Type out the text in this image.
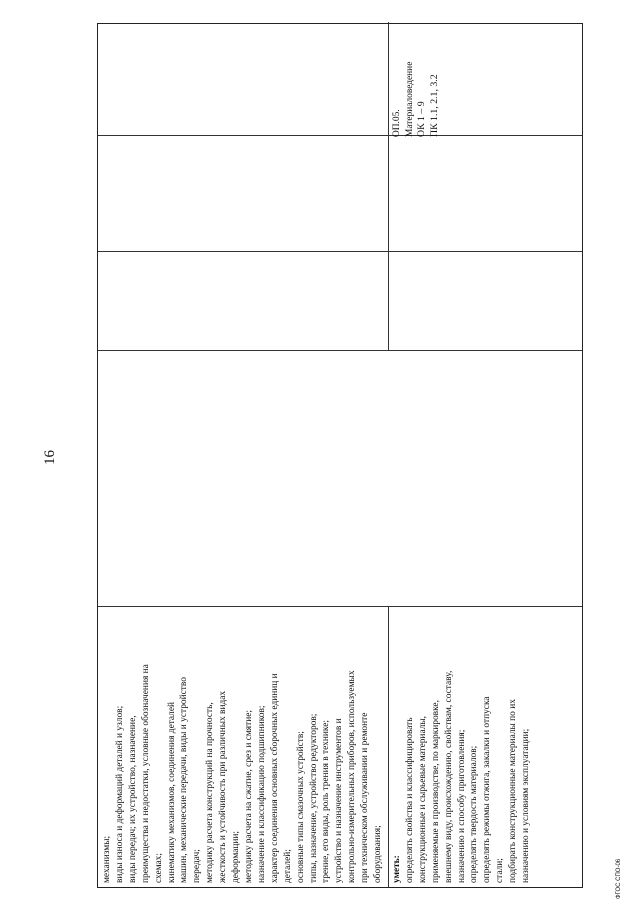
16

механизмы; виды износа и деформаций деталей и узлов; виды передач; их устройство, назначение, преимущества и недостатки, условные обозначения на схемах; кинематику механизмов, соединения деталей машин, механические передачи, виды и устройство передач; методику расчета конструкций на прочность, жесткость и устойчивость при различных видах деформации; методику расчета на сжатие, срез и смятие; назначение и классификацию подшипников; характер соединения основных сборочных единиц и деталей; основные типы смазочных устройств; типы, назначение, устройство редукторов; трение, его виды, роль трения в технике; устройство и назначение инструментов и контрольно-измерительных приборов, используемых при техническом обслуживании и ремонте оборудования; уметь: определять свойства и классифицировать конструкционные и сырьевые материалы, применяемые в производстве, по маркировке, внешнему виду, происхождению, свойствам, составу, назначению и способу приготовления; определять твердость материалов; определять режимы отжига, закалки и отпуска стали; подбирать конструкционные материалы по их назначению и условиям эксплуатации;

ОП.05. Материаловедение ОК 1 – 9 ПК 1.1, 2.1, 3.2

ФГОС СПО-06
